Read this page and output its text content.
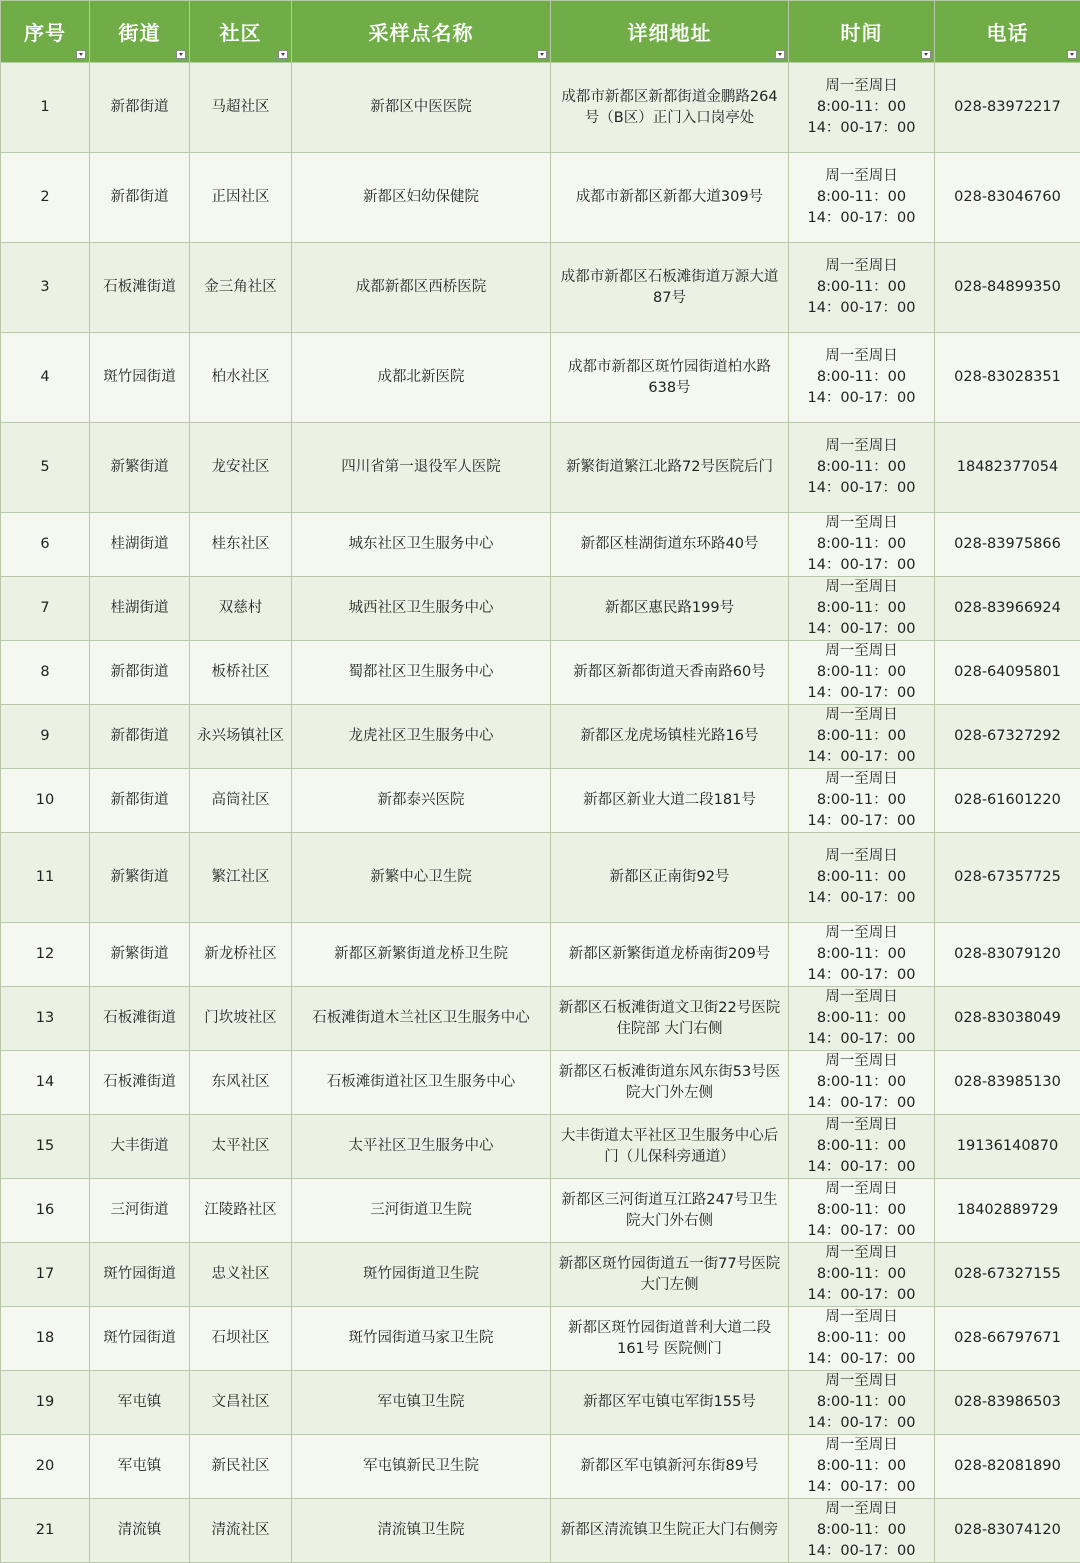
序号	街道	社区	采样点名称	详细地址	时间	电话

1	新都街道	马超社区	新都区中医医院	成都市新都区新都街道金鹏路264号（B区）正门入口岗亭处	周一至周日
8:00-11：00
14：00-17：00	028-83972217
2	新都街道	正因社区	新都区妇幼保健院	成都市新都区新都大道309号	周一至周日
8:00-11：00
14：00-17：00	028-83046760
3	石板滩街道	金三角社区	成都新都区西桥医院	成都市新都区石板滩街道万源大道87号	周一至周日
8:00-11：00
14：00-17：00	028-84899350
4	斑竹园街道	柏水社区	成都北新医院	成都市新都区斑竹园街道柏水路638号	周一至周日
8:00-11：00
14：00-17：00	028-83028351
5	新繁街道	龙安社区	四川省第一退役军人医院	新繁街道繁江北路72号医院后门	周一至周日
8:00-11：00
14：00-17：00	18482377054
6	桂湖街道	桂东社区	城东社区卫生服务中心	新都区桂湖街道东环路40号	周一至周日
8:00-11：00
14：00-17：00	028-83975866
7	桂湖街道	双慈村	城西社区卫生服务中心	新都区惠民路199号	周一至周日
8:00-11：00
14：00-17：00	028-83966924
8	新都街道	板桥社区	蜀都社区卫生服务中心	新都区新都街道天香南路60号	周一至周日
8:00-11：00
14：00-17：00	028-64095801
9	新都街道	永兴场镇社区	龙虎社区卫生服务中心	新都区龙虎场镇桂光路16号	周一至周日
8:00-11：00
14：00-17：00	028-67327292
10	新都街道	高筒社区	新都泰兴医院	新都区新业大道二段181号	周一至周日
8:00-11：00
14：00-17：00	028-61601220
11	新繁街道	繁江社区	新繁中心卫生院	新都区正南街92号	周一至周日
8:00-11：00
14：00-17：00	028-67357725
12	新繁街道	新龙桥社区	新都区新繁街道龙桥卫生院	新都区新繁街道龙桥南街209号	周一至周日
8:00-11：00
14：00-17：00	028-83079120
13	石板滩街道	门坎坡社区	石板滩街道木兰社区卫生服务中心	新都区石板滩街道文卫街22号医院住院部 大门右侧	周一至周日
8:00-11：00
14：00-17：00	028-83038049
14	石板滩街道	东风社区	石板滩街道社区卫生服务中心	新都区石板滩街道东风东街53号医院大门外左侧	周一至周日
8:00-11：00
14：00-17：00	028-83985130
15	大丰街道	太平社区	太平社区卫生服务中心	大丰街道太平社区卫生服务中心后门（儿保科旁通道）	周一至周日
8:00-11：00
14：00-17：00	19136140870
16	三河街道	江陵路社区	三河街道卫生院	新都区三河街道互江路247号卫生院大门外右侧	周一至周日
8:00-11：00
14：00-17：00	18402889729
17	斑竹园街道	忠义社区	斑竹园街道卫生院	新都区斑竹园街道五一街77号医院大门左侧	周一至周日
8:00-11：00
14：00-17：00	028-67327155
18	斑竹园街道	石坝社区	斑竹园街道马家卫生院	新都区斑竹园街道普利大道二段161号 医院侧门	周一至周日
8:00-11：00
14：00-17：00	028-66797671
19	军屯镇	文昌社区	军屯镇卫生院	新都区军屯镇屯军街155号	周一至周日
8:00-11：00
14：00-17：00	028-83986503
20	军屯镇	新民社区	军屯镇新民卫生院	新都区军屯镇新河东街89号	周一至周日
8:00-11：00
14：00-17：00	028-82081890
21	清流镇	清流社区	清流镇卫生院	新都区清流镇卫生院正大门右侧旁	周一至周日
8:00-11：00
14：00-17：00	028-83074120
